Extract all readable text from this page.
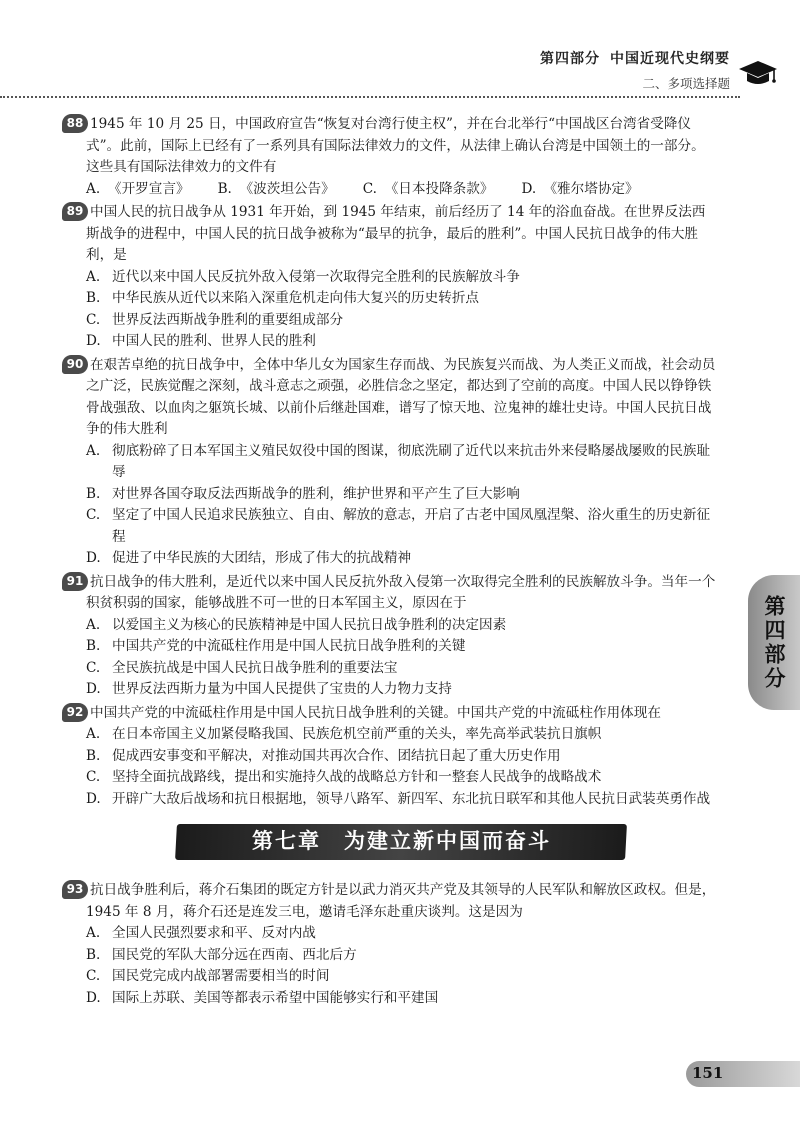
第四部分 中国近现代史纲要
二、多项选择题
第四部分
88 1945 年 10 月 25 日，中国政府宣告“恢复对台湾行使主权”，并在台北举行“中国战区台湾省受降仪式”。此前，国际上已经有了一系列具有国际法律效力的文件，从法律上确认台湾是中国领土的一部分。这些具有国际法律效力的文件有
A. 《开罗宣言》 B. 《波茨坦公告》 C. 《日本投降条款》 D. 《雅尔塔协定》
89 中国人民的抗日战争从 1931 年开始，到 1945 年结束，前后经历了 14 年的浴血奋战。在世界反法西斯战争的进程中，中国人民的抗日战争被称为“最早的抗争，最后的胜利”。中国人民抗日战争的伟大胜利，是
A. 近代以来中国人民反抗外敌入侵第一次取得完全胜利的民族解放斗争
B. 中华民族从近代以来陷入深重危机走向伟大复兴的历史转折点
C. 世界反法西斯战争胜利的重要组成部分
D. 中国人民的胜利、世界人民的胜利
90 在艰苦卓绝的抗日战争中，全体中华儿女为国家生存而战、为民族复兴而战、为人类正义而战，社会动员之广泛，民族觉醒之深刻，战斗意志之顽强，必胜信念之坚定，都达到了空前的高度。中国人民以铮铮铁骨战强敌、以血肉之躯筑长城、以前仆后继赴国难，谱写了惊天地、泣鬼神的雄壮史诗。中国人民抗日战争的伟大胜利
A. 彻底粉碎了日本军国主义殖民奴役中国的图谋，彻底洗刷了近代以来抗击外来侵略屡战屡败的民族耻辱
B. 对世界各国夺取反法西斯战争的胜利，维护世界和平产生了巨大影响
C. 坚定了中国人民追求民族独立、自由、解放的意志，开启了古老中国凤凰涅槃、浴火重生的历史新征程
D. 促进了中华民族的大团结，形成了伟大的抗战精神
91 抗日战争的伟大胜利，是近代以来中国人民反抗外敌入侵第一次取得完全胜利的民族解放斗争。当年一个积贫积弱的国家，能够战胜不可一世的日本军国主义，原因在于
A. 以爱国主义为核心的民族精神是中国人民抗日战争胜利的决定因素
B. 中国共产党的中流砥柱作用是中国人民抗日战争胜利的关键
C. 全民族抗战是中国人民抗日战争胜利的重要法宝
D. 世界反法西斯力量为中国人民提供了宝贵的人力物力支持
92 中国共产党的中流砥柱作用是中国人民抗日战争胜利的关键。中国共产党的中流砥柱作用体现在
A. 在日本帝国主义加紧侵略我国、民族危机空前严重的关头，率先高举武装抗日旗帜
B. 促成西安事变和平解决，对推动国共再次合作、团结抗日起了重大历史作用
C. 坚持全面抗战路线，提出和实施持久战的战略总方针和一整套人民战争的战略战术
D. 开辟广大敌后战场和抗日根据地，领导八路军、新四军、东北抗日联军和其他人民抗日武装英勇作战
第七章　为建立新中国而奋斗
93 抗日战争胜利后，蒋介石集团的既定方针是以武力消灭共产党及其领导的人民军队和解放区政权。但是，1945 年 8 月，蒋介石还是连发三电，邀请毛泽东赴重庆谈判。这是因为
A. 全国人民强烈要求和平、反对内战
B. 国民党的军队大部分远在西南、西北后方
C. 国民党完成内战部署需要相当的时间
D. 国际上苏联、美国等都表示希望中国能够实行和平建国
151
